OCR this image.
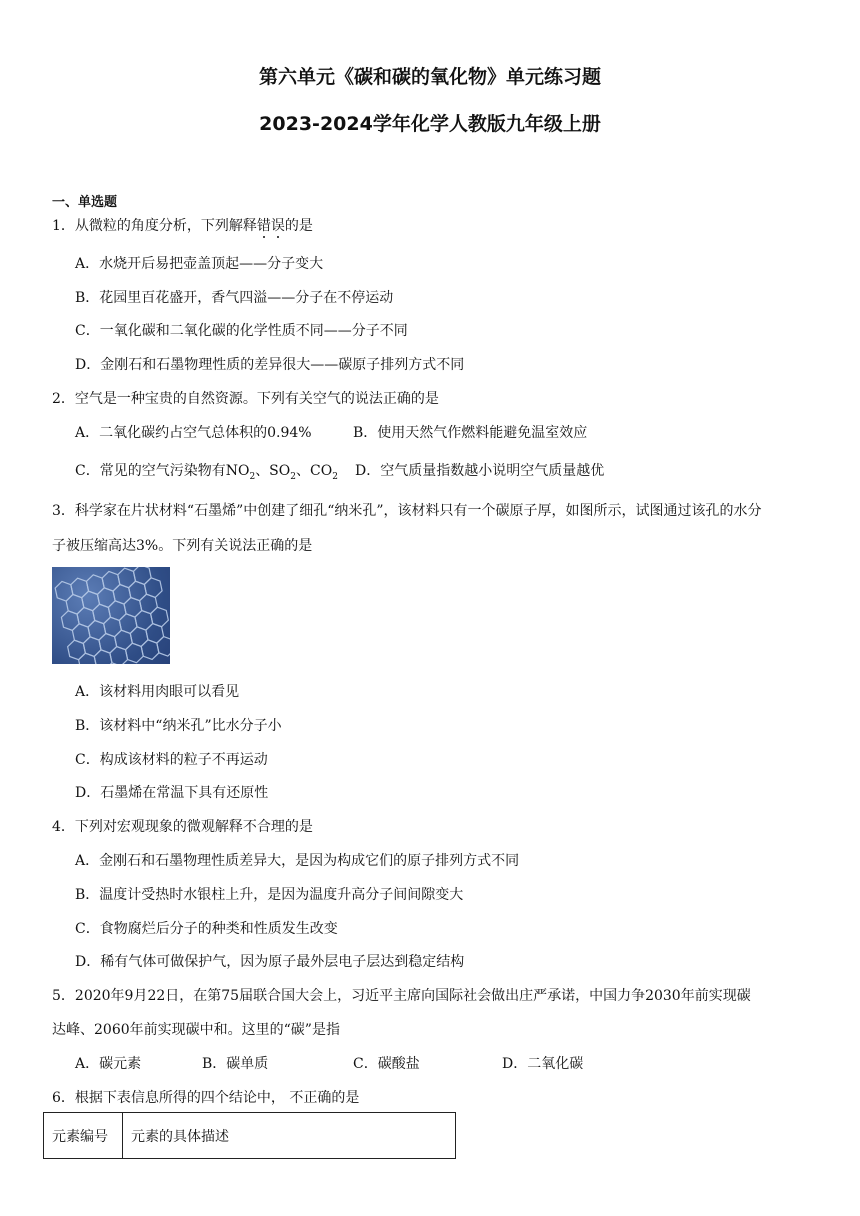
第六单元《碳和碳的氧化物》单元练习题
2023-2024学年化学人教版九年级上册
一、单选题
1．从微粒的角度分析，下列解释错误的是
A．水烧开后易把壶盖顶起——分子变大
B．花园里百花盛开，香气四溢——分子在不停运动
C．一氧化碳和二氧化碳的化学性质不同——分子不同
D．金刚石和石墨物理性质的差异很大——碳原子排列方式不同
2．空气是一种宝贵的自然资源。下列有关空气的说法正确的是
A．二氧化碳约占空气总体积的0.94%	B．使用天然气作燃料能避免温室效应
C．常见的空气污染物有$NO_2$、$SO_2$、$CO_2$ D．空气质量指数越小说明空气质量越优
3．科学家在片状材料“石墨烯”中创建了细孔“纳米孔”，该材料只有一个碳原子厚，如图所示，试图通过该孔的水分
子被压缩高达3%。下列有关说法正确的是
A．该材料用肉眼可以看见
B．该材料中“纳米孔”比水分子小
C．构成该材料的粒子不再运动
D．石墨烯在常温下具有还原性
4．下列对宏观现象的微观解释不合理的是
A．金刚石和石墨物理性质差异大，是因为构成它们的原子排列方式不同
B．温度计受热时水银柱上升，是因为温度升高分子间间隙变大
C．食物腐烂后分子的种类和性质发生改变
D．稀有气体可做保护气，因为原子最外层电子层达到稳定结构
5．2020年9月22日，在第75届联合国大会上，习近平主席向国际社会做出庄严承诺，中国力争2030年前实现碳
达峰、2060年前实现碳中和。这里的“碳”是指
A．碳元素	B．碳单质	C．碳酸盐	D．二氧化碳
6．根据下表信息所得的四个结论中， 不正确的是
元素编号	元素的具体描述
